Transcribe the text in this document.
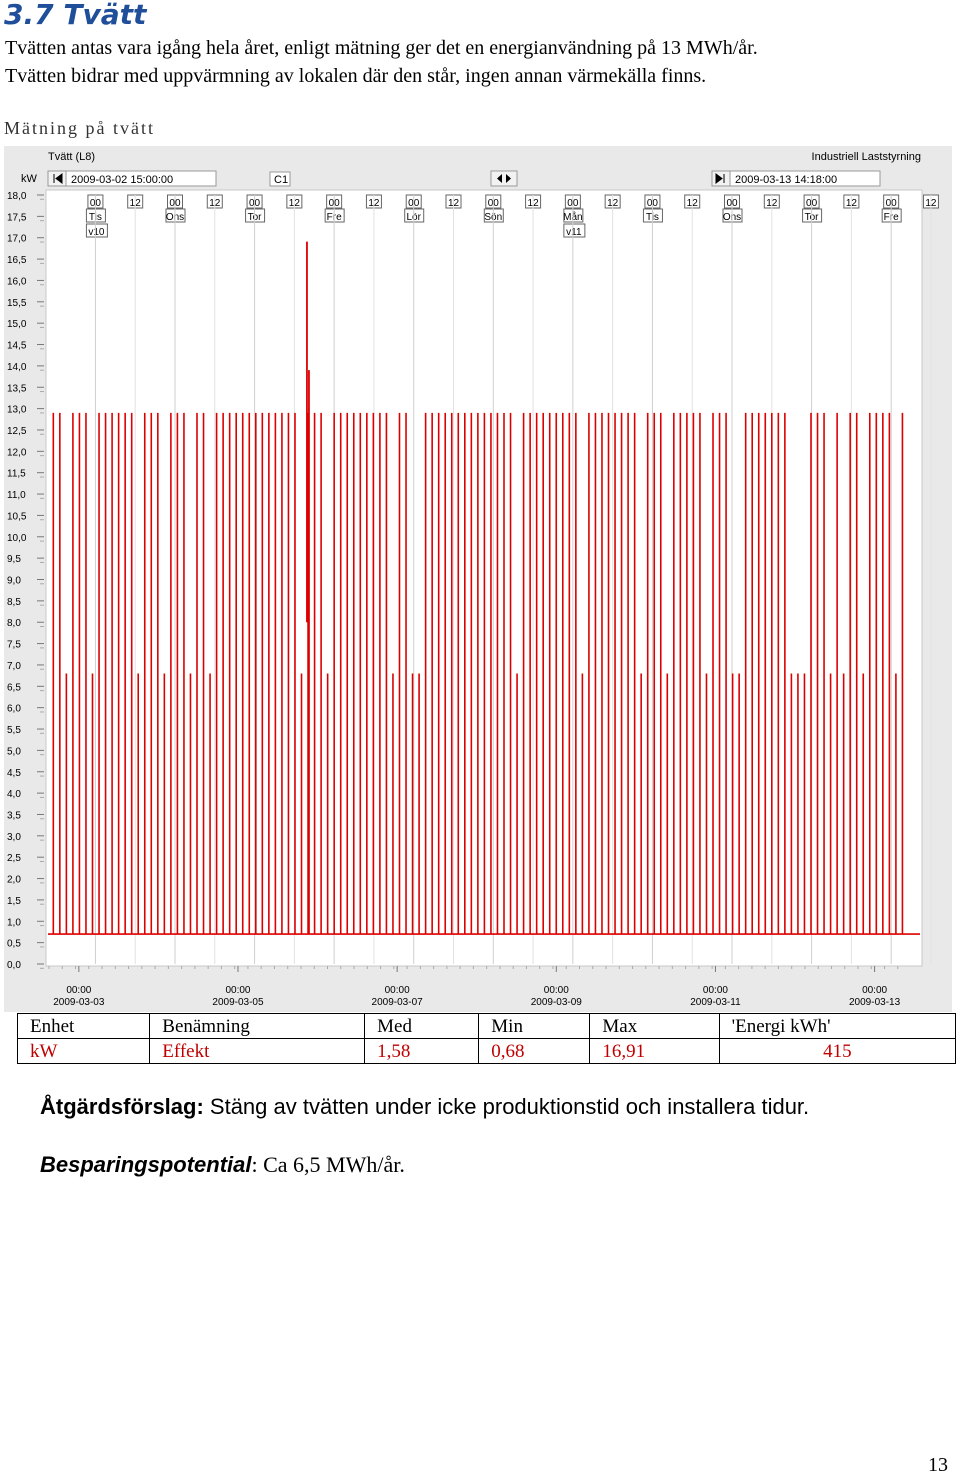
3.7 Tvätt

Tvätten antas vara igång hela året, enligt mätning ger det en energianvändning på 13 MWh/år.
Tvätten bidrar med uppvärmning av lokalen där den står, ingen annan värmekälla finns.

Mätning på tvätt

Tvätt (L8)	Industriell Laststyrning
kW	2009-03-02 15:00:00	C1	2009-03-13 14:18:00
00
Tis
v10
12	00
Ons
12	00
Tor
12	00
Fre
12	00
Lör
12	00
Sön
12	00
Mån
v11
12	00
Tis
12	00
Ons
12	00
Tor
12	00
Fre
12
18,0
17,5
17,0
16,5
16,0
15,5
15,0
14,5
14,0
13,5
13,0
12,5
12,0
11,5
11,0
10,5
10,0
9,5
9,0
8,5
8,0
7,5
7,0
6,5
6,0
5,5
5,0
4,5
4,0
3,5
3,0
2,5
2,0
1,5
1,0
0,5
0,0
00:00
2009-03-03
00:00
2009-03-05
00:00
2009-03-07
00:00
2009-03-09
00:00
2009-03-11
00:00
2009-03-13
Enhet	Benämning	Med	Min	Max	'Energi kWh'
kW	Effekt	1,58	0,68	16,91	415

Åtgärdsförslag: Stäng av tvätten under icke produktionstid och installera tidur.

Besparingspotential: Ca 6,5 MWh/år.

13
